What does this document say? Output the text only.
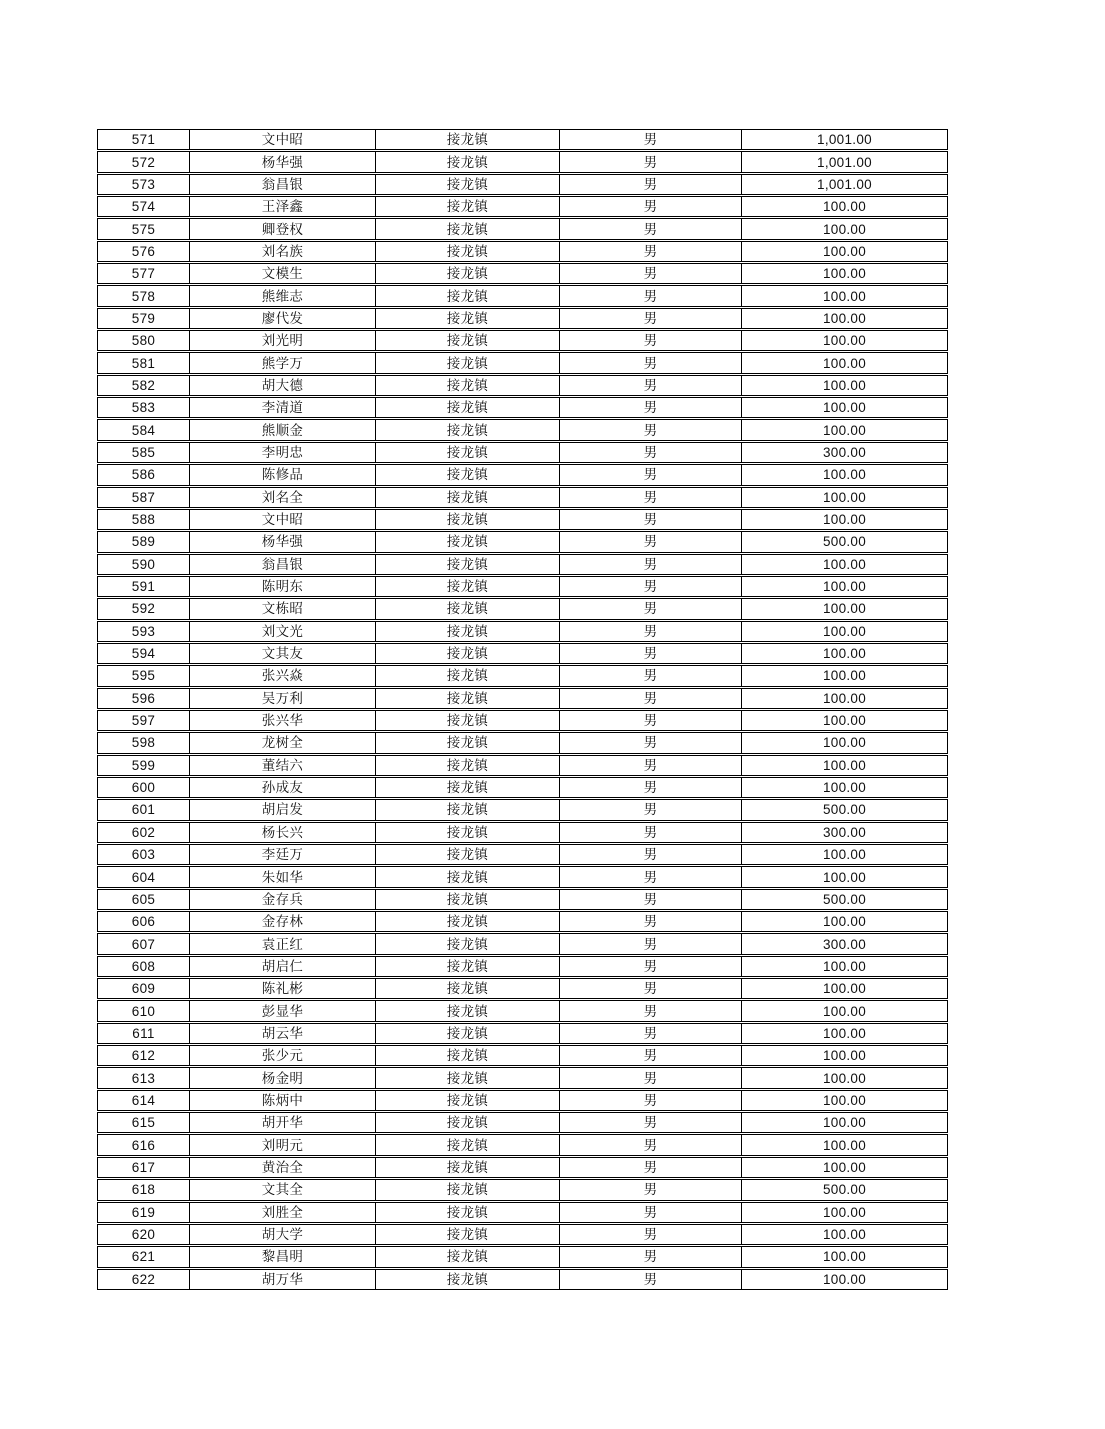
571	文中昭	接龙镇	男	1,001.00
572	杨华强	接龙镇	男	1,001.00
573	翁昌银	接龙镇	男	1,001.00
574	王泽鑫	接龙镇	男	100.00
575	卿登权	接龙镇	男	100.00
576	刘名族	接龙镇	男	100.00
577	文模生	接龙镇	男	100.00
578	熊维志	接龙镇	男	100.00
579	廖代发	接龙镇	男	100.00
580	刘光明	接龙镇	男	100.00
581	熊学万	接龙镇	男	100.00
582	胡大德	接龙镇	男	100.00
583	李清道	接龙镇	男	100.00
584	熊顺金	接龙镇	男	100.00
585	李明忠	接龙镇	男	300.00
586	陈修品	接龙镇	男	100.00
587	刘名全	接龙镇	男	100.00
588	文中昭	接龙镇	男	100.00
589	杨华强	接龙镇	男	500.00
590	翁昌银	接龙镇	男	100.00
591	陈明东	接龙镇	男	100.00
592	文栋昭	接龙镇	男	100.00
593	刘文光	接龙镇	男	100.00
594	文其友	接龙镇	男	100.00
595	张兴焱	接龙镇	男	100.00
596	吴万利	接龙镇	男	100.00
597	张兴华	接龙镇	男	100.00
598	龙树全	接龙镇	男	100.00
599	董结六	接龙镇	男	100.00
600	孙成友	接龙镇	男	100.00
601	胡启发	接龙镇	男	500.00
602	杨长兴	接龙镇	男	300.00
603	李廷万	接龙镇	男	100.00
604	朱如华	接龙镇	男	100.00
605	金存兵	接龙镇	男	500.00
606	金存林	接龙镇	男	100.00
607	袁正红	接龙镇	男	300.00
608	胡启仁	接龙镇	男	100.00
609	陈礼彬	接龙镇	男	100.00
610	彭显华	接龙镇	男	100.00
611	胡云华	接龙镇	男	100.00
612	张少元	接龙镇	男	100.00
613	杨金明	接龙镇	男	100.00
614	陈炳中	接龙镇	男	100.00
615	胡开华	接龙镇	男	100.00
616	刘明元	接龙镇	男	100.00
617	黄治全	接龙镇	男	100.00
618	文其全	接龙镇	男	500.00
619	刘胜全	接龙镇	男	100.00
620	胡大学	接龙镇	男	100.00
621	黎昌明	接龙镇	男	100.00
622	胡万华	接龙镇	男	100.00
